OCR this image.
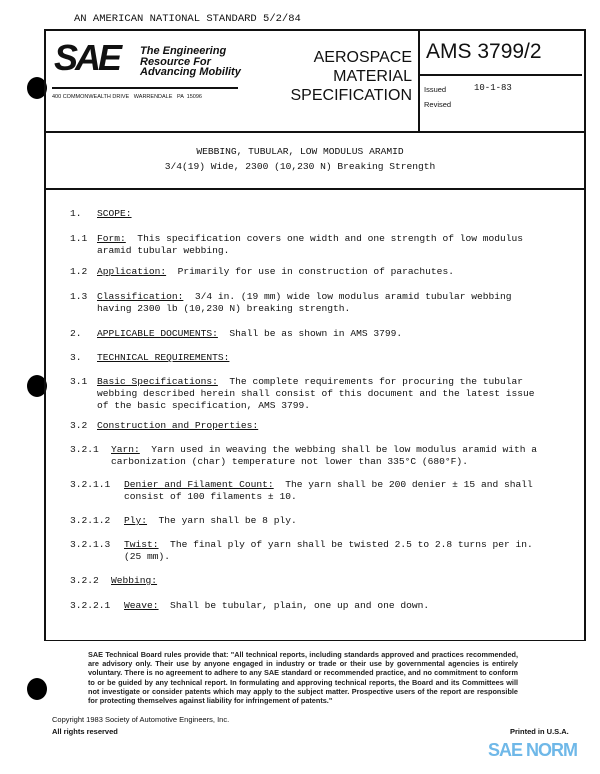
AN AMERICAN NATIONAL STANDARD 5/2/84
SAE The Engineering
Resource For
Advancing Mobility
400 COMMONWEALTH DRIVE   WARRENDALE   PA  15096
AEROSPACE
MATERIAL
SPECIFICATION
AMS 3799/2
Issued	10-1-83
Revised
WEBBING, TUBULAR, LOW MODULUS ARAMID
3/4(19) Wide, 2300 (10,230 N) Breaking Strength
1. SCOPE:
1.1 Form:  This specification covers one width and one strength of low modulus
aramid tubular webbing.
1.2 Application:  Primarily for use in construction of parachutes.
1.3 Classification:  3/4 in. (19 mm) wide low modulus aramid tubular webbing
having 2300 lb (10,230 N) breaking strength.
2. APPLICABLE DOCUMENTS:  Shall be as shown in AMS 3799.
3. TECHNICAL REQUIREMENTS:
3.1 Basic Specifications:  The complete requirements for procuring the tubular
webbing described herein shall consist of this document and the latest issue
of the basic specification, AMS 3799.
3.2 Construction and Properties:
3.2.1 Yarn:  Yarn used in weaving the webbing shall be low modulus aramid with a
carbonization (char) temperature not lower than 335°C (680°F).
3.2.1.1 Denier and Filament Count:  The yarn shall be 200 denier ± 15 and shall
consist of 100 filaments ± 10.
3.2.1.2 Ply:  The yarn shall be 8 ply.
3.2.1.3 Twist:  The final ply of yarn shall be twisted 2.5 to 2.8 turns per in.
(25 mm).
3.2.2 Webbing:
3.2.2.1 Weave:  Shall be tubular, plain, one up and one down.
SAE Technical Board rules provide that: "All technical reports, including standards approved and practices recommended, are advisory only. Their use by anyone engaged in industry or trade or their use by governmental agencies is entirely voluntary. There is no agreement to adhere to any SAE standard or recommended practice, and no commitment to conform to or be guided by any technical report. In formulating and approving technical reports, the Board and its Committees will not investigate or consider patents which may apply to the subject matter. Prospective users of the report are responsible for protecting themselves against liability for infringement of patents."
Copyright 1983 Society of Automotive Engineers, Inc.
All rights reserved	Printed in U.S.A.
SAE NORM
